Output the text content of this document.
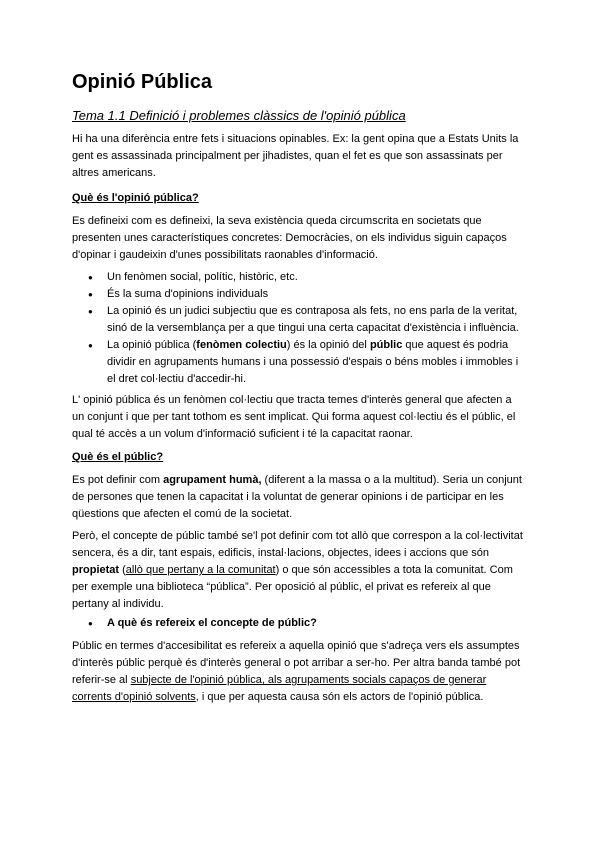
Opinió Pública
Tema 1.1 Definició i problemes clàssics de l'opinió pública
Hi ha una diferència entre fets i situacions opinables. Ex: la gent opina que a Estats Units la
gent es assassinada principalment per jihadistes, quan el fet es que son assassinats per
altres americans.
Què és l'opinió pública?
Es defineixi com es defineixi, la seva existència queda circumscrita en societats que
presenten unes característiques concretes: Democràcies, on els individus siguin capaços
d'opinar i gaudeixin d'unes possibilitats raonables d'informació.
● Un fenòmen social, polític, històric, etc.
● És la suma d'opinions individuals
● La opinió és un judici subjectiu que es contraposa als fets, no ens parla de la veritat,
sinó de la versemblança per a que tingui una certa capacitat d'existència i influència.
● La opinió pública (fenòmen colectiu) és la opinió del públic que aquest és podria
dividir en agrupaments humans i una possessió d'espais o béns mobles i immobles i
el dret col·lectiu d'accedir-hi.
L' opinió pública és un fenòmen col·lectiu que tracta temes d'interès general que afecten a
un conjunt i que per tant tothom es sent implicat. Qui forma aquest col·lectiu és el públic, el
qual té accès a un volum d'informació suficient i té la capacitat raonar.
Què és el públic?
Es pot definir com agrupament humà, (diferent a la massa o a la multitud). Seria un conjunt
de persones que tenen la capacitat i la voluntat de generar opinions i de participar en les
qüestions que afecten el comú de la societat.
Però, el concepte de públic també se'l pot definir com tot allò que correspon a la col·lectivitat
sencera, és a dir, tant espais, edificis, instal·lacions, objectes, idees i accions que són
propietat (allò que pertany a la comunitat) o que són accessibles a tota la comunitat. Com
per exemple una biblioteca “pública”. Per oposició al públic, el privat es refereix al que
pertany al individu.
● A què és refereix el concepte de públic?
Públic en termes d'accesibilitat es refereix a aquella opinió que s'adreça vers els assumptes
d'interès públic perquè és d'interès general o pot arribar a ser-ho. Per altra banda també pot
referir-se al subjecte de l'opinió pública, als agrupaments socials capaços de generar
corrents d'opinió solvents, i que per aquesta causa són els actors de l'opinió pública.
